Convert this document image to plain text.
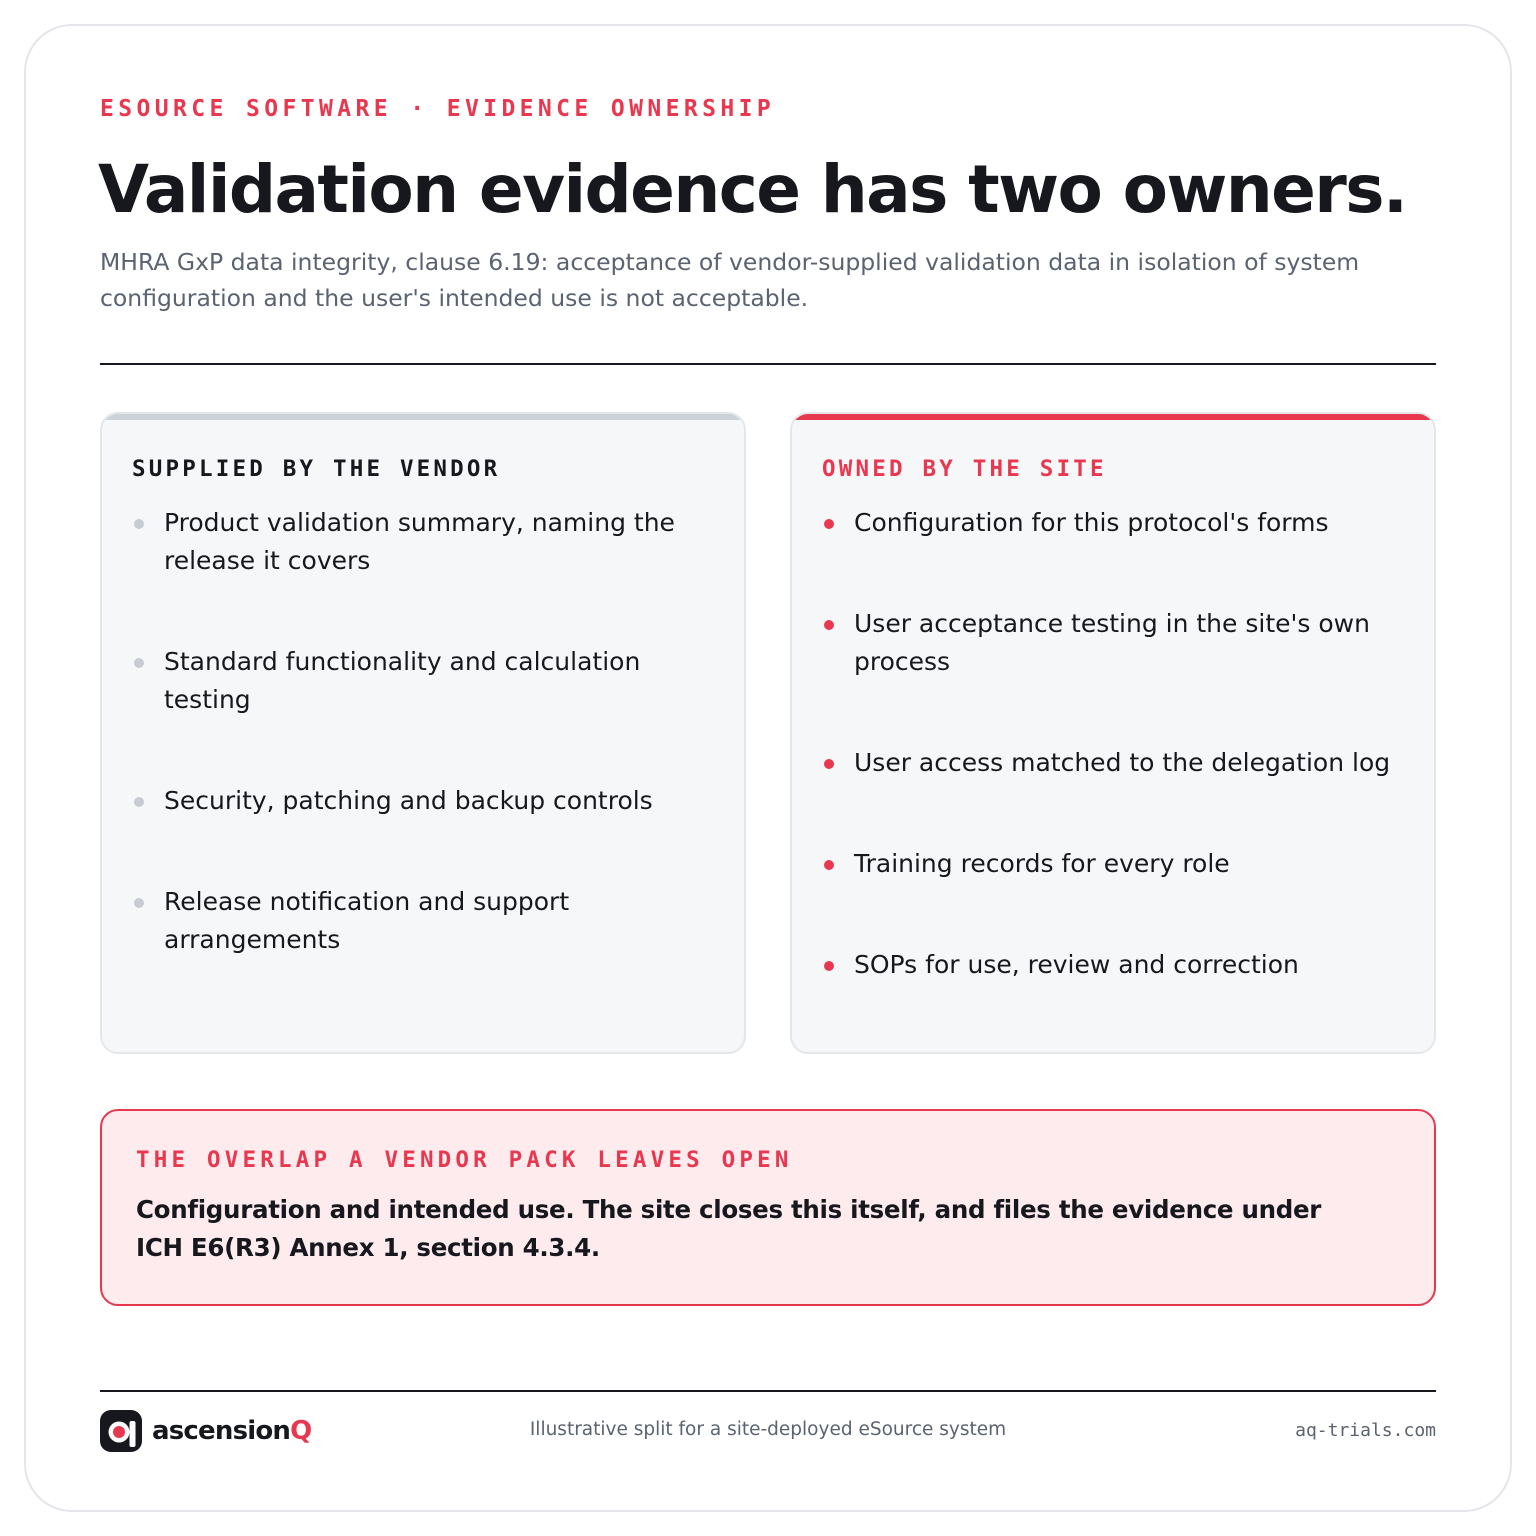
ESOURCE SOFTWARE · EVIDENCE OWNERSHIP
Validation evidence has two owners.

MHRA GxP data integrity, clause 6.19: acceptance of vendor-supplied validation data in isolation of system configuration and the user's intended use is not acceptable.

SUPPLIED BY THE VENDOR
Product validation summary, naming the release it covers
Standard functionality and calculation testing
Security, patching and backup controls
Release notification and support arrangements
OWNED BY THE SITE
Configuration for this protocol's forms
User acceptance testing in the site's own process
User access matched to the delegation log
Training records for every role
SOPs for use, review and correction
THE OVERLAP A VENDOR PACK LEAVES OPEN

Configuration and intended use. The site closes this itself, and files the evidence under ICH E6(R3) Annex 1, section 4.3.4.

ascensionQ	Illustrative split for a site-deployed eSource system	aq-trials.com
